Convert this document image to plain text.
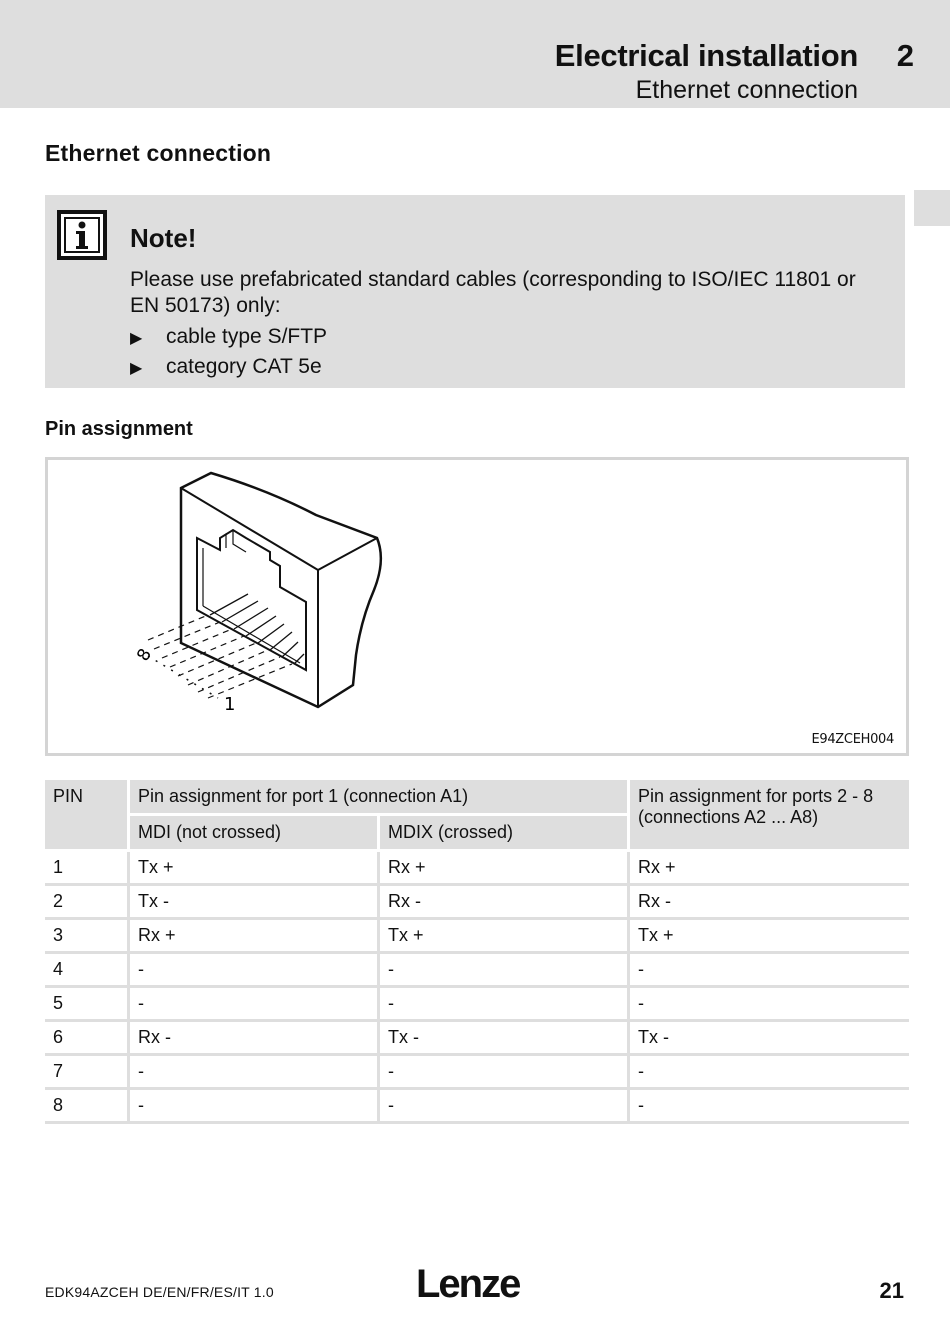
Electrical installation 2
Ethernet connection
Ethernet connection
Note!
Please use prefabricated standard cables (corresponding to ISO/IEC 11801 or EN 50173) only:
▶ cable type S/FTP
▶ category CAT 5e
Pin assignment
8
1
E94ZCEH004
PIN	Pin assignment for port 1 (connection A1)		Pin assignment for ports 2 - 8 (connections A2 ... A8)
	MDI (not crossed)	MDIX (crossed)	
1	Tx +	Rx +	Rx +
2	Tx -	Rx -	Rx -
3	Rx +	Tx +	Tx +
4	-	-	-
5	-	-	-
6	Rx -	Tx -	Tx -
7	-	-	-
8	-	-	-
EDK94AZCEH DE/EN/FR/ES/IT 1.0	Lenze	21
